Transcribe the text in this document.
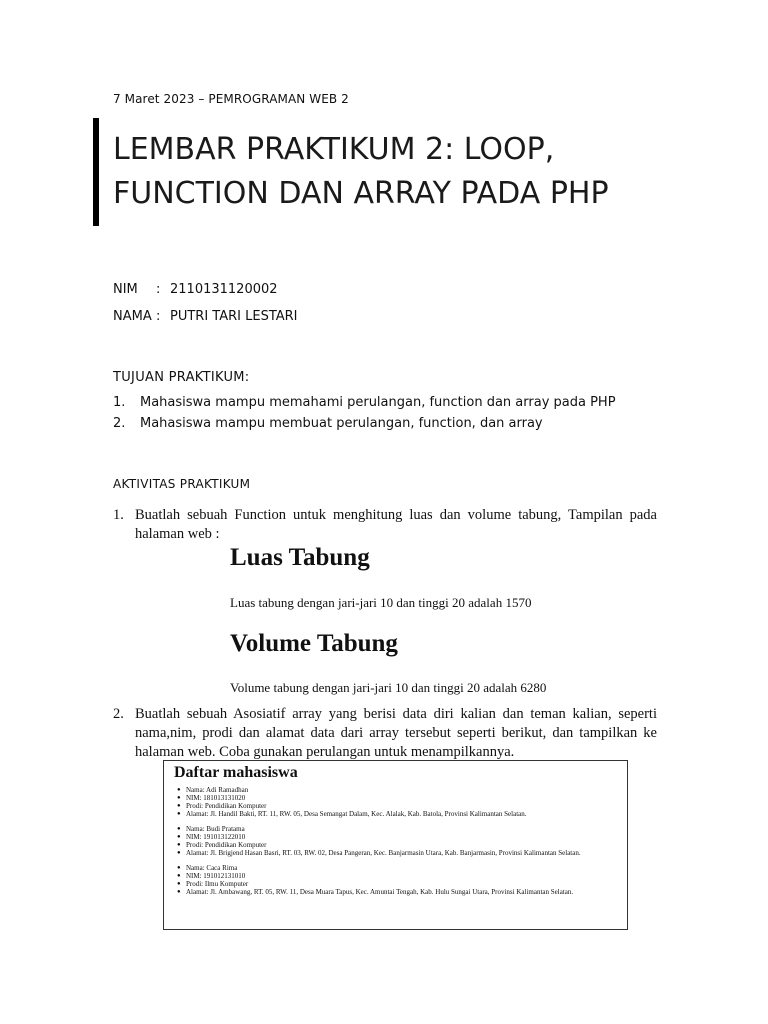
7 Maret 2023 – PEMROGRAMAN WEB 2
LEMBAR PRAKTIKUM 2: LOOP,
FUNCTION DAN ARRAY PADA PHP
NIM : 2110131120002
NAMA : PUTRI TARI LESTARI
TUJUAN PRAKTIKUM:
1. Mahasiswa mampu memahami perulangan, function dan array pada PHP
2. Mahasiswa mampu membuat perulangan, function, dan array
AKTIVITAS PRAKTIKUM
1. Buatlah sebuah Function untuk menghitung luas dan volume tabung, Tampilan pada halaman web :
Luas Tabung
Luas tabung dengan jari-jari 10 dan tinggi 20 adalah 1570
Volume Tabung
Volume tabung dengan jari-jari 10 dan tinggi 20 adalah 6280
2. Buatlah sebuah Asosiatif array yang berisi data diri kalian dan teman kalian, seperti nama,nim, prodi dan alamat data dari array tersebut seperti berikut, dan tampilkan ke halaman web. Coba gunakan perulangan untuk menampilkannya.
Daftar mahasiswa
● Nama: Adi Ramadhan
● NIM: 181013131020
● Prodi: Pendidikan Komputer
● Alamat: Jl. Handil Bakti, RT. 11, RW. 05, Desa Semangat Dalam, Kec. Alalak, Kab. Batola, Provinsi Kalimantan Selatan.
● Nama: Budi Pratama
● NIM: 191013122010
● Prodi: Pendidikan Komputer
● Alamat: Jl. Brigjend Hasan Basri, RT. 03, RW. 02, Desa Pangeran, Kec. Banjarmasin Utara, Kab. Banjarmasin, Provinsi Kalimantan Selatan.
● Nama: Caca Rima
● NIM: 191012131010
● Prodi: Ilmu Komputer
● Alamat: Jl. Ambawang, RT. 05, RW. 11, Desa Muara Tapus, Kec. Amuntai Tengah, Kab. Hulu Sungai Utara, Provinsi Kalimantan Selatan.
